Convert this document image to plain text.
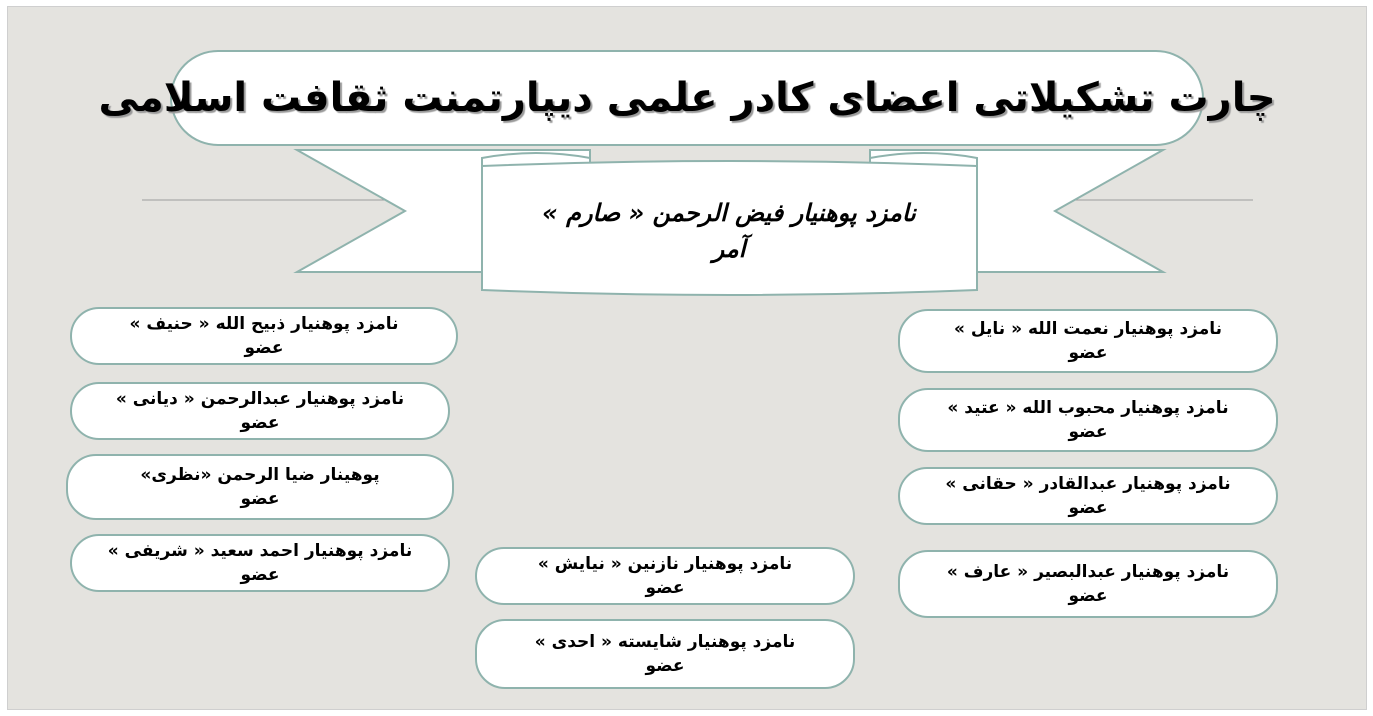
چارت تشکیلاتی اعضای کادر علمی دیپارتمنت ثقافت اسلامی
نامزد پوهنیار فیض الرحمن « صارم »
آمر
نامزد پوهنیار ذبیح الله « حنیف »
عضو
نامزد پوهنیار عبدالرحمن « دیانی »
عضو
پوهینار ضیا الرحمن «نظری»
عضو
نامزد پوهنیار احمد سعید « شریفی »
عضو
نامزد پوهنیار نازنین « نیایش »
عضو
نامزد پوهنیار شایسته « احدی »
عضو
نامزد پوهنیار نعمت الله « نایل »
عضو
نامزد پوهنیار محبوب الله « عتید »
عضو
نامزد پوهنیار عبدالقادر « حقانی »
عضو
نامزد پوهنیار عبدالبصیر « عارف »
عضو
